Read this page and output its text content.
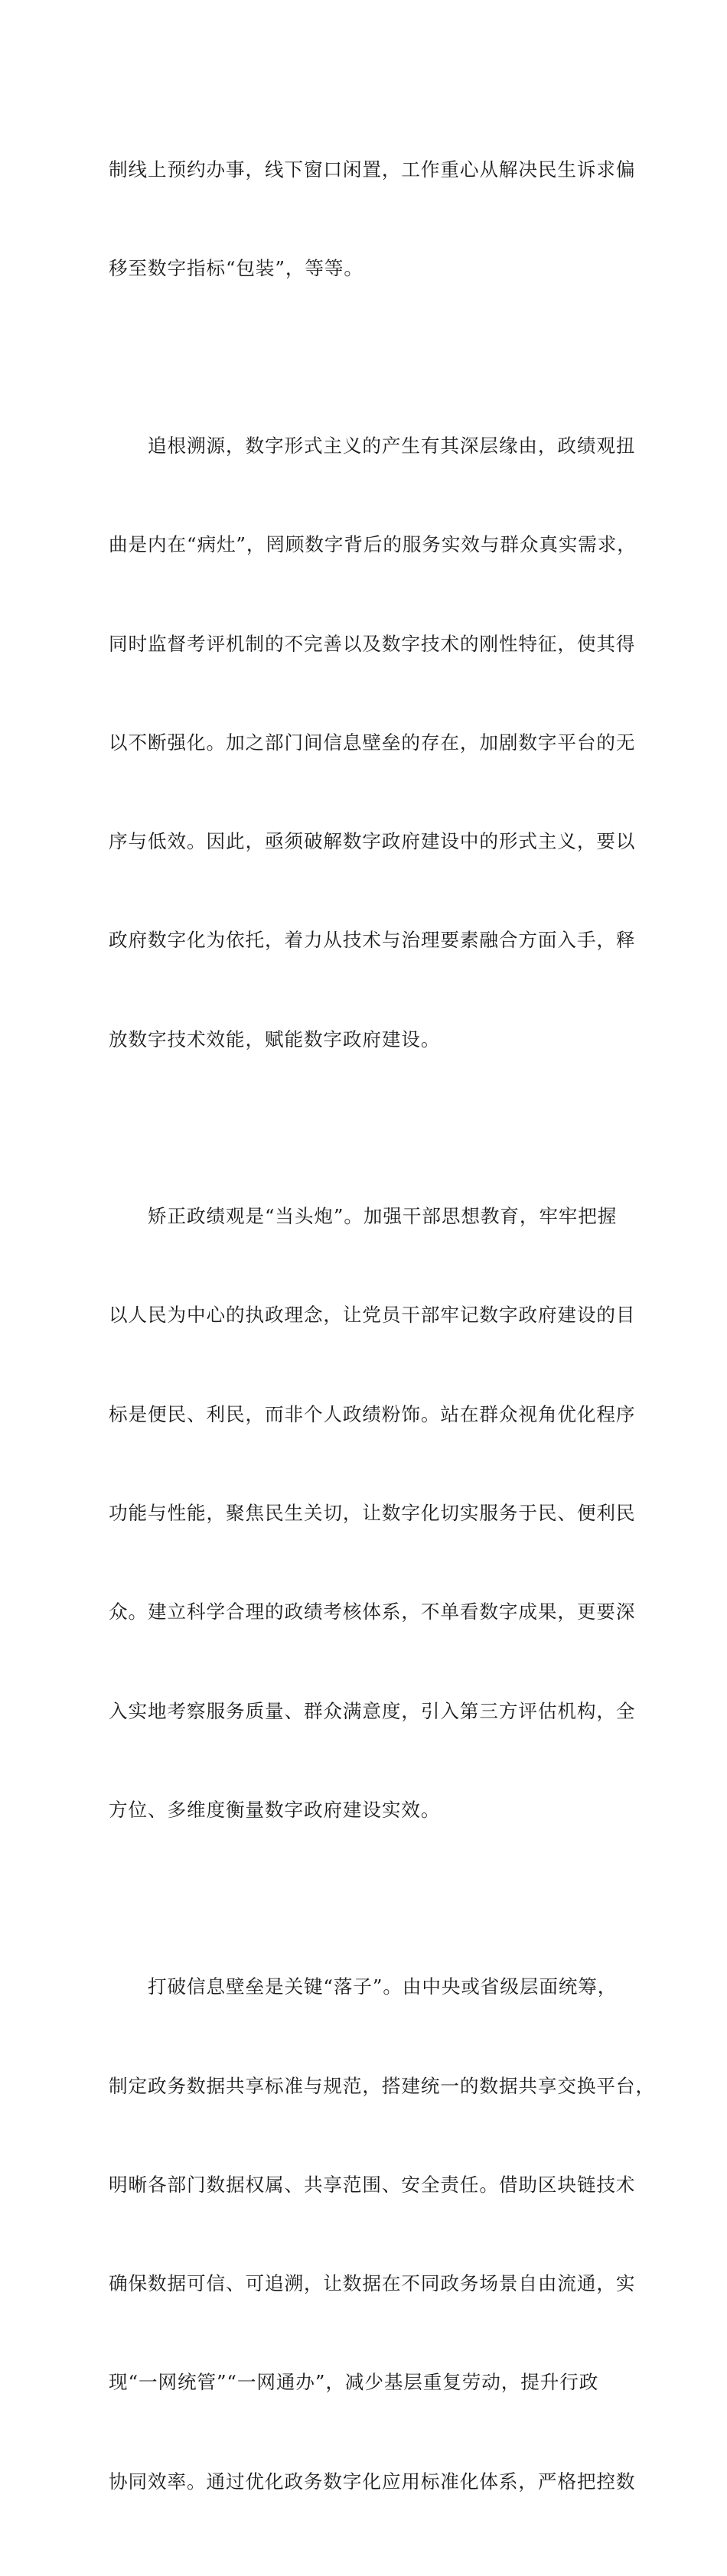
制线上预约办事，线下窗口闲置，工作重心从解决民生诉求偏

移至数字指标“包装”，等等。

　　追根溯源，数字形式主义的产生有其深层缘由，政绩观扭

曲是内在“病灶”，罔顾数字背后的服务实效与群众真实需求，

同时监督考评机制的不完善以及数字技术的刚性特征，使其得

以不断强化。加之部门间信息壁垒的存在，加剧数字平台的无

序与低效。因此，亟须破解数字政府建设中的形式主义，要以

政府数字化为依托，着力从技术与治理要素融合方面入手，释

放数字技术效能，赋能数字政府建设。

　　矫正政绩观是“当头炮”。加强干部思想教育，牢牢把握

以人民为中心的执政理念，让党员干部牢记数字政府建设的目

标是便民、利民，而非个人政绩粉饰。站在群众视角优化程序

功能与性能，聚焦民生关切，让数字化切实服务于民、便利民

众。建立科学合理的政绩考核体系，不单看数字成果，更要深

入实地考察服务质量、群众满意度，引入第三方评估机构，全

方位、多维度衡量数字政府建设实效。

　　打破信息壁垒是关键“落子”。由中央或省级层面统筹，

制定政务数据共享标准与规范，搭建统一的数据共享交换平台，

明晰各部门数据权属、共享范围、安全责任。借助区块链技术

确保数据可信、可追溯，让数据在不同政务场景自由流通，实

现“一网统管”“一网通办”，减少基层重复劳动，提升行政

协同效率。通过优化政务数字化应用标准化体系，严格把控数
